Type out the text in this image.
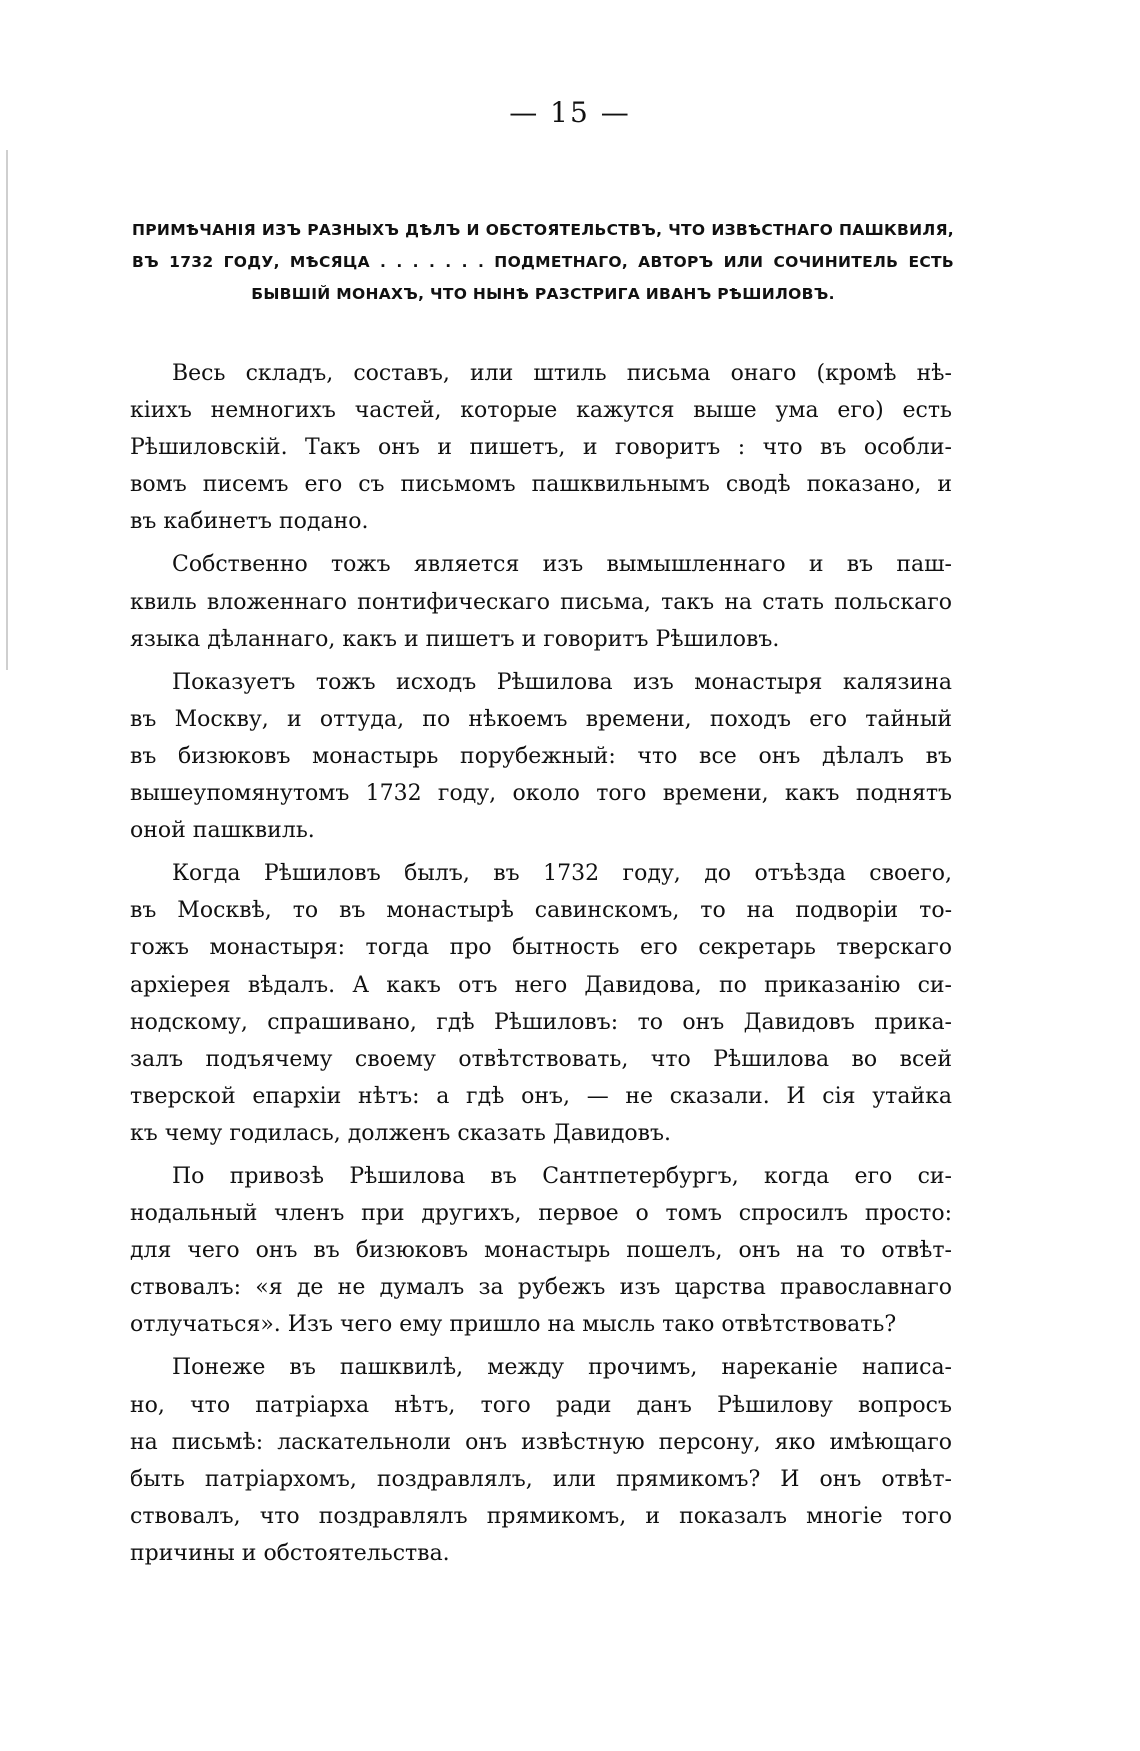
— 15 —
ПРИМѢЧАНІЯ ИЗЪ РАЗНЫХЪ ДѢЛЪ И ОБСТОЯТЕЛЬСТВЪ, ЧТО ИЗВѢСТНАГО ПАШКВИЛЯ,
ВЪ 1732 ГОДУ, МѢСЯЦА . . . . . . . ПОДМЕТНАГО, АВТОРЪ ИЛИ СОЧИНИТЕЛЬ ЕСТЬ
БЫВШІЙ МОНАХЪ, ЧТО НЫНѢ РАЗСТРИГА ИВАНЪ РѢШИЛОВЪ.
Весь складъ, составъ, или штиль письма онаго (кромѣ нѣ-
кіихъ немногихъ частей, которые кажутся выше ума его) есть
Рѣшиловскій. Такъ онъ и пишетъ, и говоритъ : что въ особли-
вомъ писемъ его съ письмомъ пашквильнымъ сводѣ показано, и
въ кабинетъ подано.
Собственно тожъ является изъ вымышленнаго и въ паш-
квиль вложеннаго понтифическаго письма, такъ на стать польскаго
языка дѣланнаго, какъ и пишетъ и говоритъ Рѣшиловъ.
Показуетъ тожъ исходъ Рѣшилова изъ монастыря калязина
въ Москву, и оттуда, по нѣкоемъ времени, походъ его тайный
въ бизюковъ монастырь порубежный: что все онъ дѣлалъ въ
вышеупомянутомъ 1732 году, около того времени, какъ поднятъ
оной пашквиль.
Когда Рѣшиловъ былъ, въ 1732 году, до отъѣзда своего,
въ Москвѣ, то въ монастырѣ савинскомъ, то на подворіи то-
гожъ монастыря: тогда про бытность его секретарь тверскаго
архіерея вѣдалъ. А какъ отъ него Давидова, по приказанію си-
нодскому, спрашивано, гдѣ Рѣшиловъ: то онъ Давидовъ прика-
залъ подъячему своему отвѣтствовать, что Рѣшилова во всей
тверской епархіи нѣтъ: а гдѣ онъ, — не сказали. И сія утайка
къ чему годилась, долженъ сказать Давидовъ.
По привозѣ Рѣшилова въ Сантпетербургъ, когда его си-
нодальный членъ при другихъ, первое о томъ спросилъ просто:
для чего онъ въ бизюковъ монастырь пошелъ, онъ на то отвѣт-
ствовалъ: «я де не думалъ за рубежъ изъ царства православнаго
отлучаться». Изъ чего ему пришло на мысль тако отвѣтствовать?
Понеже въ пашквилѣ, между прочимъ, нареканіе написа-
но, что патріарха нѣтъ, того ради данъ Рѣшилову вопросъ
на письмѣ: ласкательноли онъ извѣстную персону, яко имѣющаго
быть патріархомъ, поздравлялъ, или прямикомъ? И онъ отвѣт-
ствовалъ, что поздравлялъ прямикомъ, и показалъ многіе того
причины и обстоятельства.
